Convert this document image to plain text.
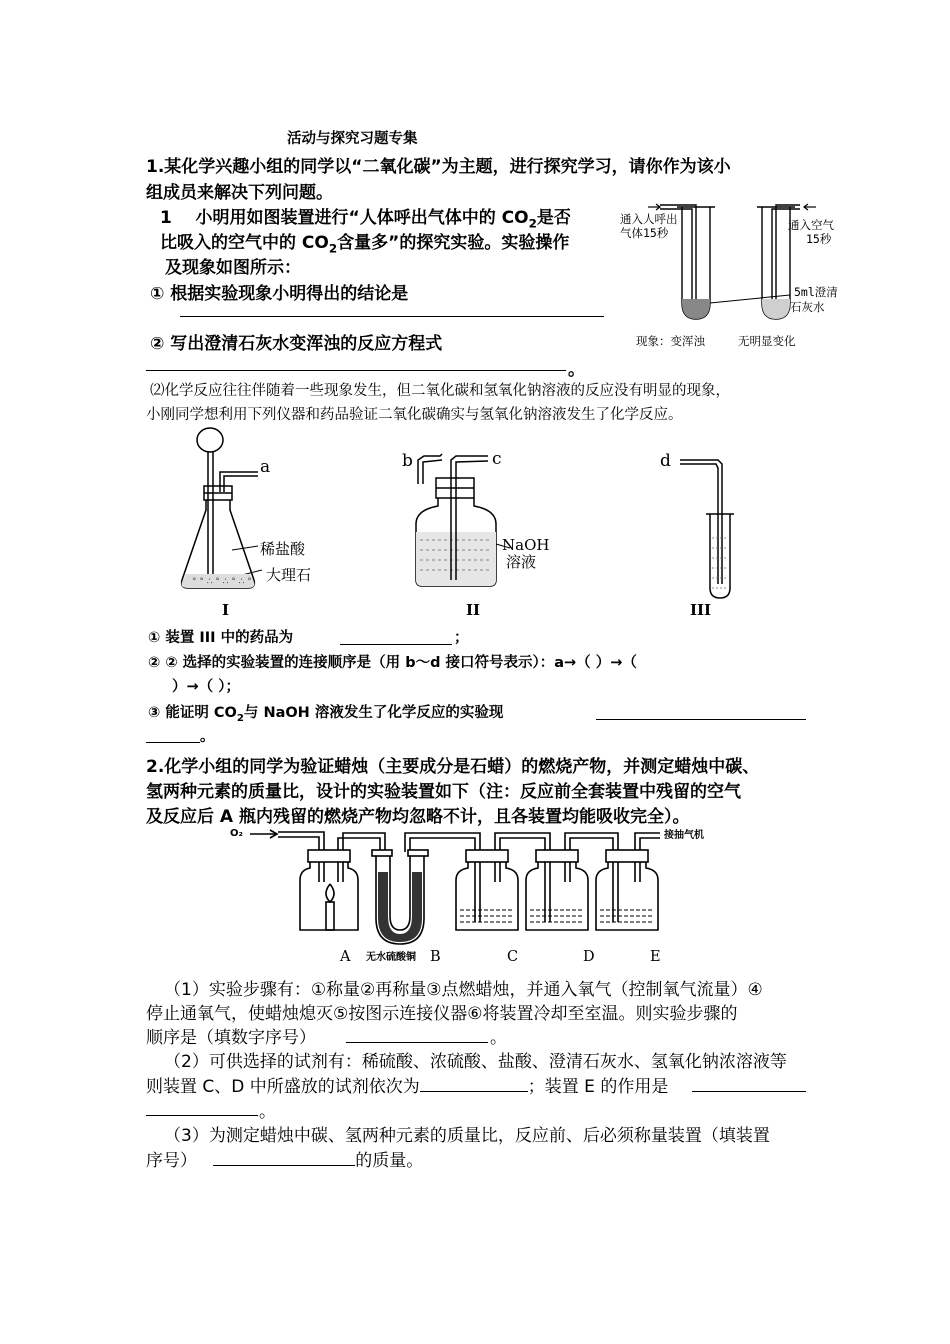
活动与探究习题专集
1.某化学兴趣小组的同学以“二氧化碳”为主题，进行探究学习，请你作为该小
组成员来解决下列问题。
1 小明用如图装置进行“人体呼出气体中的 $CO_2$是否
比吸入的空气中的 $CO_2$含量多”的探究实验。实验操作
及现象如图所示：
① 根据实验现象小明得出的结论是
② 写出澄清石灰水变浑浊的反应方程式
。
通入人呼出
气体15秒
通入空气
15秒
5ml澄清
石灰水
现象：变浑浊	无明显变化
⑵化学反应往往伴随着一些现象发生，但二氧化碳和氢氧化钠溶液的反应没有明显的现象，
小刚同学想利用下列仪器和药品验证二氧化碳确实与氢氧化钠溶液发生了化学反应。
° ° ∴ ° ∴ ° ∴ °
a
稀盐酸
大理石
I
b	c
NaOH
溶液
II
d
III
① 装置 III 中的药品为	；
② ② 选择的实验装置的连接顺序是（用 b～d 接口符号表示）：a→（ ）→（
）→（ ）；
③ 能证明 $CO_2$与 NaOH 溶液发生了化学反应的实验现
。
2.化学小组的同学为验证蜡烛（主要成分是石蜡）的燃烧产物，并测定蜡烛中碳、
氢两种元素的质量比，设计的实验装置如下（注：反应前全套装置中残留的空气
及反应后 A 瓶内残留的燃烧产物均忽略不计，且各装置均能吸收完全）。
O₂	接抽气机
无水硫酸铜
A	B	C	D	E
（1）实验步骤有：①称量②再称量③点燃蜡烛，并通入氧气（控制氧气流量）④
停止通氧气，使蜡烛熄灭⑤按图示连接仪器⑥将装置冷却至室温。则实验步骤的
顺序是（填数字序号）	。
（2）可供选择的试剂有：稀硫酸、浓硫酸、盐酸、澄清石灰水、氢氧化钠浓溶液等
则装置 C、D 中所盛放的试剂依次为	；装置 E 的作用是
。
（3）为测定蜡烛中碳、氢两种元素的质量比，反应前、后必须称量装置（填装置
序号）	的质量。
